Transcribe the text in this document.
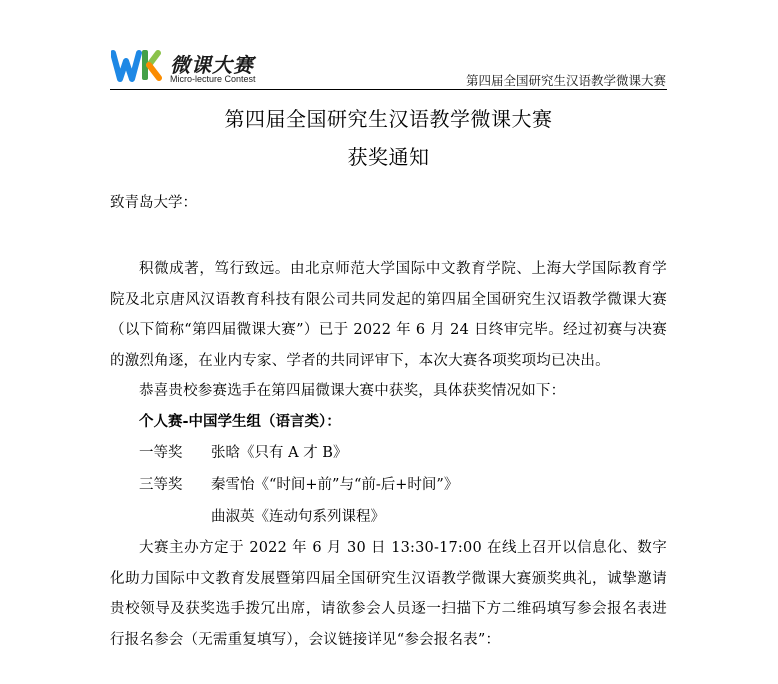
微课大赛
Micro-lecture Contest	第四届全国研究生汉语教学微课大赛
第四届全国研究生汉语教学微课大赛
获奖通知
致青岛大学：

积微成著，笃行致远。由北京师范大学国际中文教育学院、上海大学国际教育学院及北京唐风汉语教育科技有限公司共同发起的第四届全国研究生汉语教学微课大赛（以下简称“第四届微课大赛”）已于 2022 年 6 月 24 日终审完毕。经过初赛与决赛的激烈角逐，在业内专家、学者的共同评审下，本次大赛各项奖项均已决出。

恭喜贵校参赛选手在第四届微课大赛中获奖，具体获奖情况如下：

个人赛-中国学生组（语言类）：
一等奖	张晗《只有 A 才 B》
三等奖	秦雪怡《“时间+前”与“前-后+时间”》
曲淑英《连动句系列课程》

大赛主办方定于 2022 年 6 月 30 日 13:30-17:00 在线上召开以信息化、数字化助力国际中文教育发展暨第四届全国研究生汉语教学微课大赛颁奖典礼，诚挚邀请贵校领导及获奖选手拨冗出席，请欲参会人员逐一扫描下方二维码填写参会报名表进行报名参会（无需重复填写），会议链接详见“参会报名表”：
